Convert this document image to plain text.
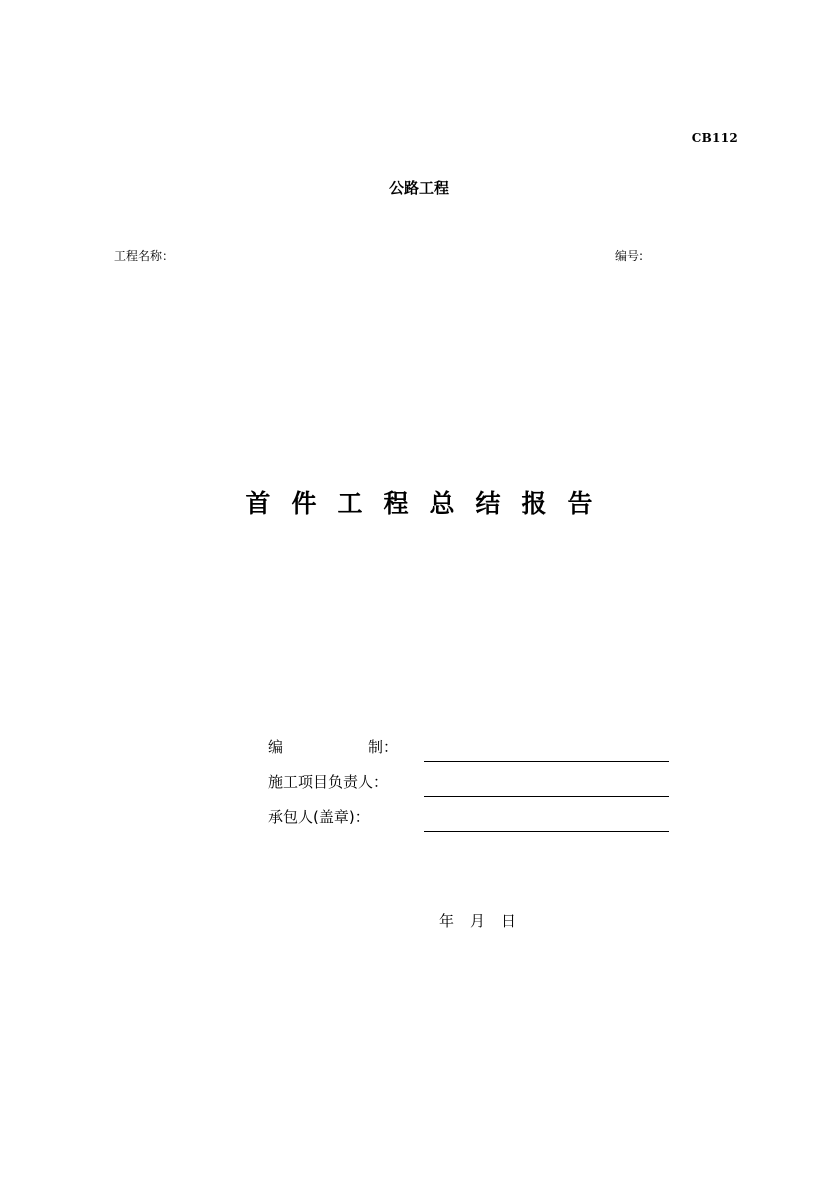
CB112
公路工程
工程名称：	编号:
首件工程总结报告
编	制：
施工项目负责人：
承包人(盖章)：
年 月 日
